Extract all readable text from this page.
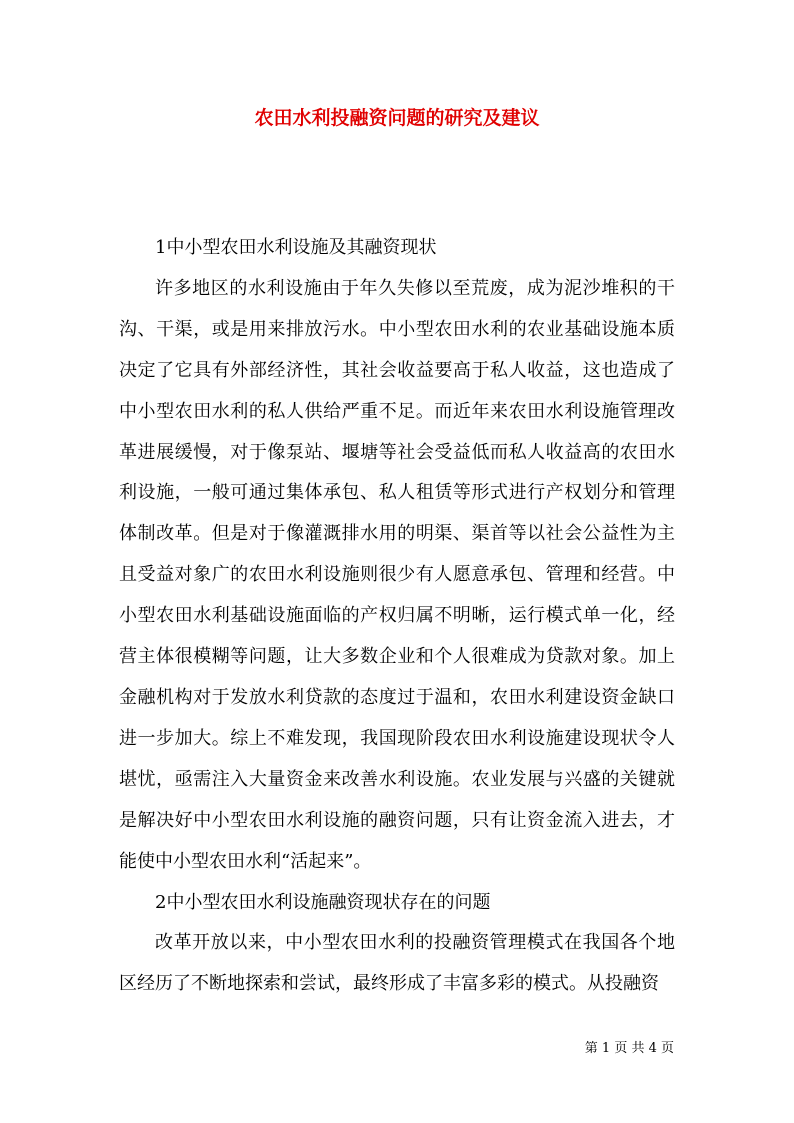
农田水利投融资问题的研究及建议

1中小型农田水利设施及其融资现状

许多地区的水利设施由于年久失修以至荒废，成为泥沙堆积的干沟、干渠，或是用来排放污水。中小型农田水利的农业基础设施本质决定了它具有外部经济性，其社会收益要高于私人收益，这也造成了中小型农田水利的私人供给严重不足。而近年来农田水利设施管理改革进展缓慢，对于像泵站、堰塘等社会受益低而私人收益高的农田水利设施，一般可通过集体承包、私人租赁等形式进行产权划分和管理体制改革。但是对于像灌溉排水用的明渠、渠首等以社会公益性为主且受益对象广的农田水利设施则很少有人愿意承包、管理和经营。中小型农田水利基础设施面临的产权归属不明晰，运行模式单一化，经营主体很模糊等问题，让大多数企业和个人很难成为贷款对象。加上金融机构对于发放水利贷款的态度过于温和，农田水利建设资金缺口进一步加大。综上不难发现，我国现阶段农田水利设施建设现状令人堪忧，亟需注入大量资金来改善水利设施。农业发展与兴盛的关键就是解决好中小型农田水利设施的融资问题，只有让资金流入进去，才能使中小型农田水利“活起来”。

2中小型农田水利设施融资现状存在的问题

改革开放以来，中小型农田水利的投融资管理模式在我国各个地区经历了不断地探索和尝试，最终形成了丰富多彩的模式。从投融资

第 1 页 共 4 页
